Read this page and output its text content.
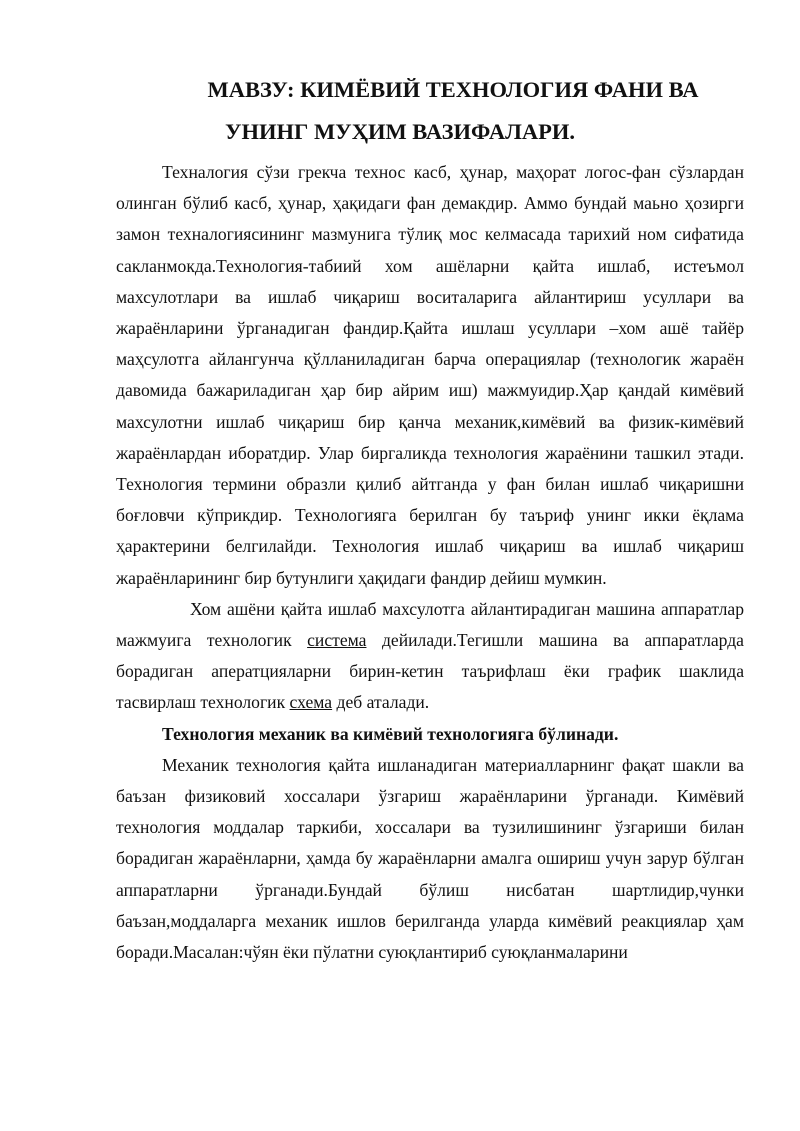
МАВЗУ: КИМЁВИЙ ТЕХНОЛОГИЯ ФАНИ ВА
УНИНГ МУҲИМ ВАЗИФАЛАРИ.

Техналогия сўзи грекча технос касб, ҳунар, маҳорат логос-фан сўзлардан олинган бўлиб касб, ҳунар, ҳақидаги фан демакдир. Аммо бундай маьно ҳозирги замон техналогиясининг мазмунига тўлиқ мос келмасада тарихий ном сифатида сакланмокда.Технология-табиий хом ашёларни қайта ишлаб, истеъмол махсулотлари ва ишлаб чиқариш воситаларига айлантириш усуллари ва жараёнларини ўрганадиган фандир.Қайта ишлаш усуллари –хом ашё тайёр маҳсулотга айлангунча қўлланиладиган барча операциялар (технологик жараён давомида бажариладиган ҳар бир айрим иш) мажмуидир.Ҳар қандай кимёвий махсулотни ишлаб чиқариш бир қанча механик,кимёвий ва физик-кимёвий жараёнлардан иборатдир. Улар биргаликда технология жараёнини ташкил этади. Технология термини образли қилиб айтганда у фан билан ишлаб чиқаришни боғловчи кўприкдир. Технологияга берилган бу таъриф унинг икки ёқлама ҳарактерини белгилайди. Технология ишлаб чиқариш ва ишлаб чиқариш жараёнларининг бир бутунлиги ҳақидаги фандир дейиш мумкин.

Хом ашёни қайта ишлаб махсулотга айлантирадиган машина аппаратлар мажмуига технологик система дейилади.Тегишли машина ва аппаратларда борадиган аператцияларни бирин-кетин таърифлаш ёки график шаклида тасвирлаш технологик схема деб аталади.

Технология механик ва кимёвий технологияга бўлинади.

Механик технология қайта ишланадиган материалларнинг фақат шакли ва баъзан физиковий хоссалари ўзгариш жараёнларини ўрганади. Кимёвий технология моддалар таркиби, хоссалари ва тузилишининг ўзгариши билан борадиган жараёнларни, ҳамда бу жараёнларни амалга ошириш учун зарур бўлган аппаратларни ўрганади.Бундай бўлиш нисбатан шартлидир,чунки баъзан,моддаларга механик ишлов берилганда уларда кимёвий реакциялар ҳам боради.Масалан:чўян ёки пўлатни суюқлантириб суюқланмаларини
